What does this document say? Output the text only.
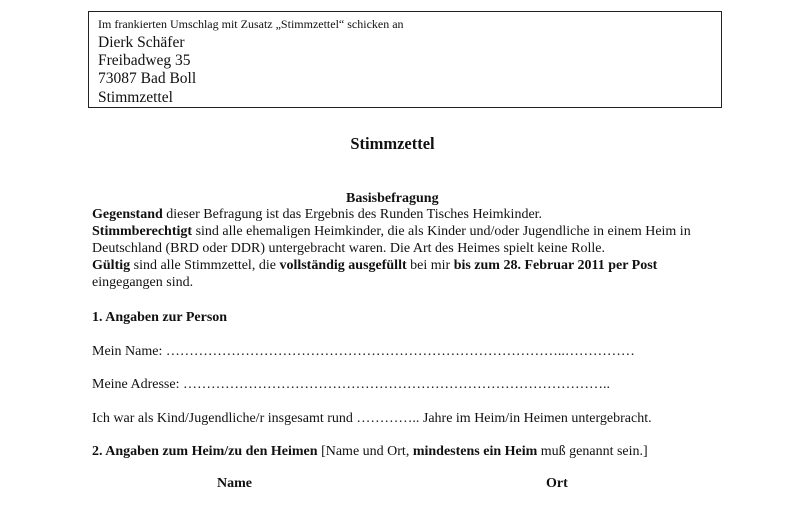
Im frankierten Umschlag mit Zusatz „Stimmzettel“ schicken an
Dierk Schäfer
Freibadweg 35
73087 Bad Boll
Stimmzettel
Stimmzettel
Basisbefragung
Gegenstand dieser Befragung ist das Ergebnis des Runden Tisches Heimkinder.
Stimmberechtigt sind alle ehemaligen Heimkinder, die als Kinder und/oder Jugendliche in einem Heim in
Deutschland (BRD oder DDR) untergebracht waren. Die Art des Heimes spielt keine Rolle.
Gültig sind alle Stimmzettel, die vollständig ausgefüllt bei mir bis zum 28. Februar 2011 per Post
eingegangen sind.
1. Angaben zur Person
Mein Name: …………………………………………………………………………..……………
Meine Adresse: ………………………………………………………………………………..
Ich war als Kind/Jugendliche/r insgesamt rund ………….. Jahre im Heim/in Heimen untergebracht.
2. Angaben zum Heim/zu den Heimen [Name und Ort, mindestens ein Heim muß genannt sein.]
Name	Ort
